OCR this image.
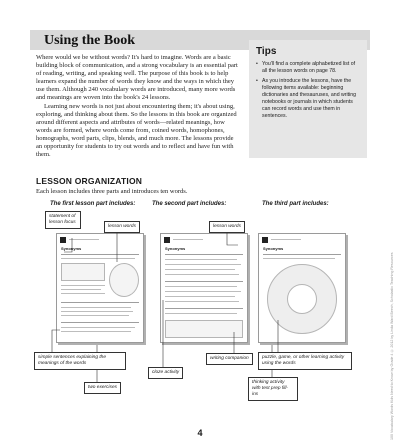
Using the Book

Where would we be without words? It's hard to imagine. Words are a basic building block of communication, and a strong vocabulary is an essential part of reading, writing, and speaking well. The purpose of this book is to help learners expand the number of words they know and the ways in which they use them. Although 240 vocabulary words are introduced, many more words and meanings are woven into the book's 24 lessons.

Learning new words is not just about encountering them; it's about using, exploring, and thinking about them. So the lessons in this book are organized around different aspects and attributes of words—related meanings, how words are formed, where words come from, coined words, homophones, homographs, word parts, clips, blends, and much more. The lessons provide an opportunity for students to try out words and to reflect and have fun with them.

Tips
• You'll find a complete alphabetized list of all the lesson words on page 78.
• As you introduce the lessons, have the following items available: beginning dictionaries and thesauruses, and writing notebooks or journals in which students can record words and use them in sentences.
LESSON ORGANIZATION
Each lesson includes three parts and introduces ten words.
The first lesson part includes:	The second part includes:	The third part includes:
Synonyms	Synonyms	Synonyms
statement of lesson focus
lesson words	lesson words
simple sentences explaining the meanings of the words
two exercises
cloze activity
writing companion
thinking activity with test prep fill-ins
puzzle, game, or other learning activity using the words	100 Vocabulary Words Kids Need to Know by Grade 4 © 2012 by Linda Ward Beech, Scholastic Teaching Resources
4
